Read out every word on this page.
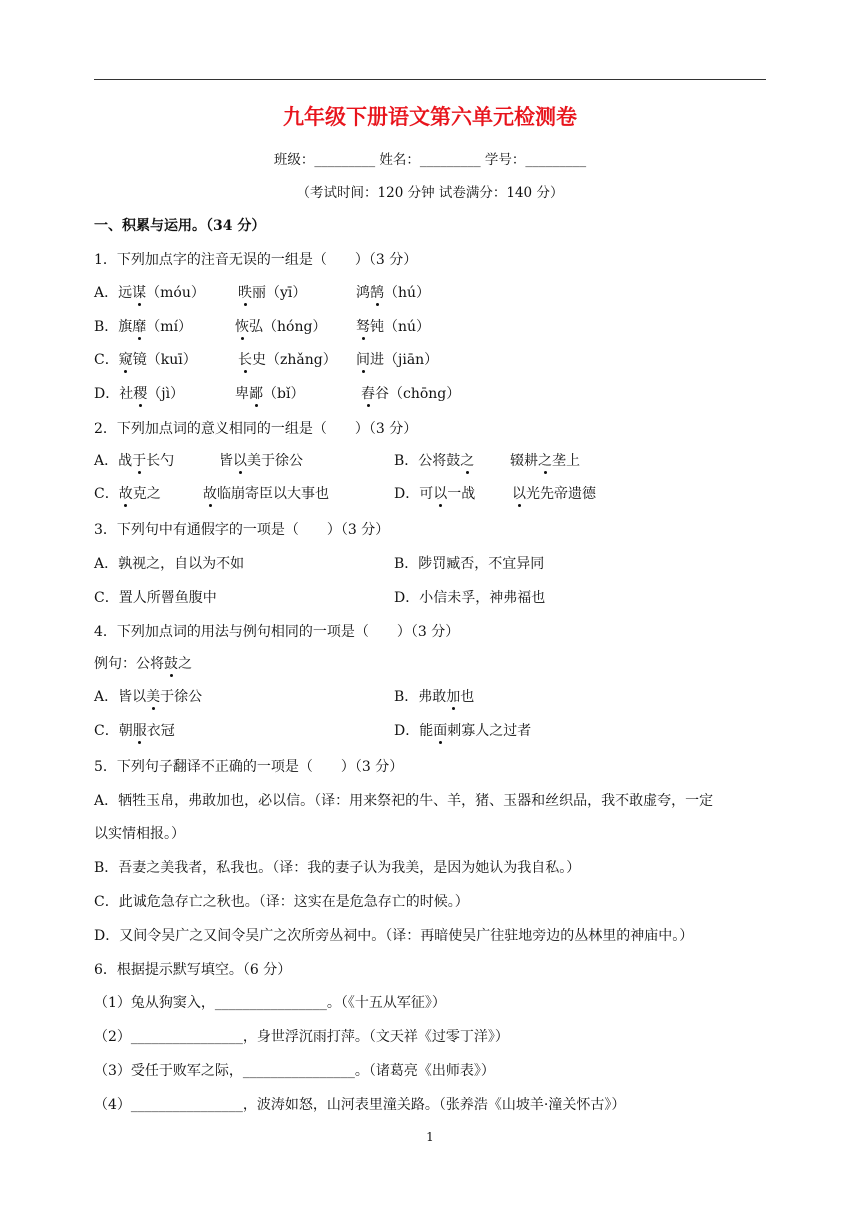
九年级下册语文第六单元检测卷
班级：_________ 姓名：_________ 学号：_________
（考试时间：120 分钟 试卷满分：140 分）
一、积累与运用。（34 分）
1．下列加点字的注音无误的一组是（　　）（3 分）
A．远谋（móu） 昳丽（yī）	鸿鹄（hú）
B．旗靡（mí）	恢弘（hóng） 驽钝（nú）
C．窥镜（kuī）	长史（zhǎng） 间进（jiān）
D．社稷（jì）	卑鄙（bǐ）	舂谷（chōng）
2．下列加点词的意义相同的一组是（　　）（3 分）
A．战于长勺	皆以美于徐公	B．公将鼓之	辍耕之垄上
C．故克之	故临崩寄臣以大事也	D．可以一战	以光先帝遗德
3．下列句中有通假字的一项是（　　）（3 分）
A．孰视之，自以为不如	B．陟罚臧否，不宜异同
C．置人所罾鱼腹中	D．小信未孚，神弗福也
4．下列加点词的用法与例句相同的一项是（　　）（3 分）
例句：公将鼓之
A．皆以美于徐公	B．弗敢加也
C．朝服衣冠	D．能面刺寡人之过者
5．下列句子翻译不正确的一项是（　　）（3 分）
A．牺牲玉帛，弗敢加也，必以信。（译：用来祭祀的牛、羊，猪、玉器和丝织品，我不敢虚夸，一定
以实情相报。）
B．吾妻之美我者，私我也。（译：我的妻子认为我美，是因为她认为我自私。）
C．此诚危急存亡之秋也。（译：这实在是危急存亡的时候。）
D．又间令吴广之又间令吴广之次所旁丛祠中。（译：再暗使吴广往驻地旁边的丛林里的神庙中。）
6．根据提示默写填空。（6 分）
（1）兔从狗窦入，________________。（《十五从军征》）
（2）________________，身世浮沉雨打萍。（文天祥《过零丁洋》）
（3）受任于败军之际，________________。（诸葛亮《出师表》）
（4）________________，波涛如怒，山河表里潼关路。（张养浩《山坡羊·潼关怀古》）
1
